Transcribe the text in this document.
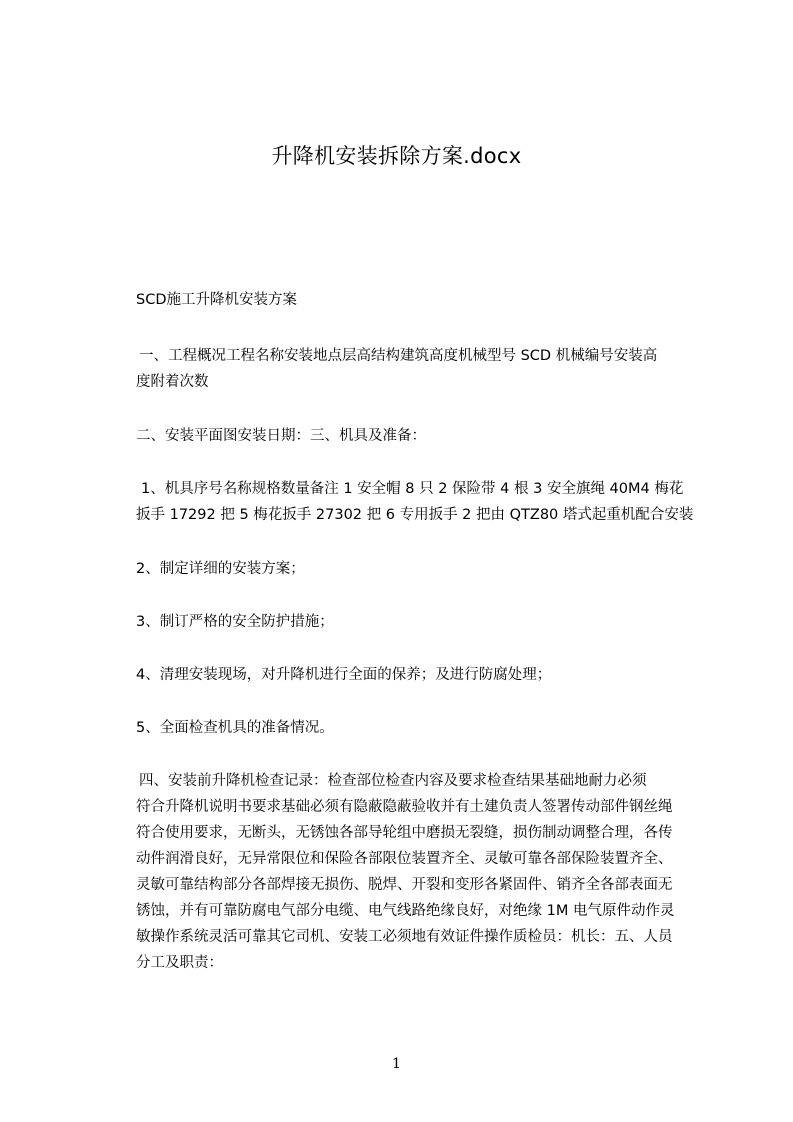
升降机安装拆除方案.docx

SCD施工升降机安装方案

一、工程概况工程名称安装地点层高结构建筑高度机械型号 SCD 机械编号安装高

度附着次数

二、安装平面图安装日期：三、机具及准备：

1、机具序号名称规格数量备注 1 安全帽 8 只 2 保险带 4 根 3 安全旗绳 40M4 梅花

扳手 17292 把 5 梅花扳手 27302 把 6 专用扳手 2 把由 QTZ80 塔式起重机配合安装

2、制定详细的安装方案；

3、制订严格的安全防护措施；

4、清理安装现场，对升降机进行全面的保养；及进行防腐处理；

5、全面检查机具的准备情况。

四、安装前升降机检查记录：检查部位检查内容及要求检查结果基础地耐力必须

符合升降机说明书要求基础必须有隐蔽隐蔽验收并有土建负责人签署传动部件钢丝绳

符合使用要求，无断头，无锈蚀各部导轮组中磨损无裂缝，损伤制动调整合理，各传

动件润滑良好，无异常限位和保险各部限位装置齐全、灵敏可靠各部保险装置齐全、

灵敏可靠结构部分各部焊接无损伤、脱焊、开裂和变形各紧固件、销齐全各部表面无

锈蚀，并有可靠防腐电气部分电缆、电气线路绝缘良好，对绝缘 1M 电气原件动作灵

敏操作系统灵活可靠其它司机、安装工必须地有效证件操作质检员：机长：五、人员

分工及职责：

1
